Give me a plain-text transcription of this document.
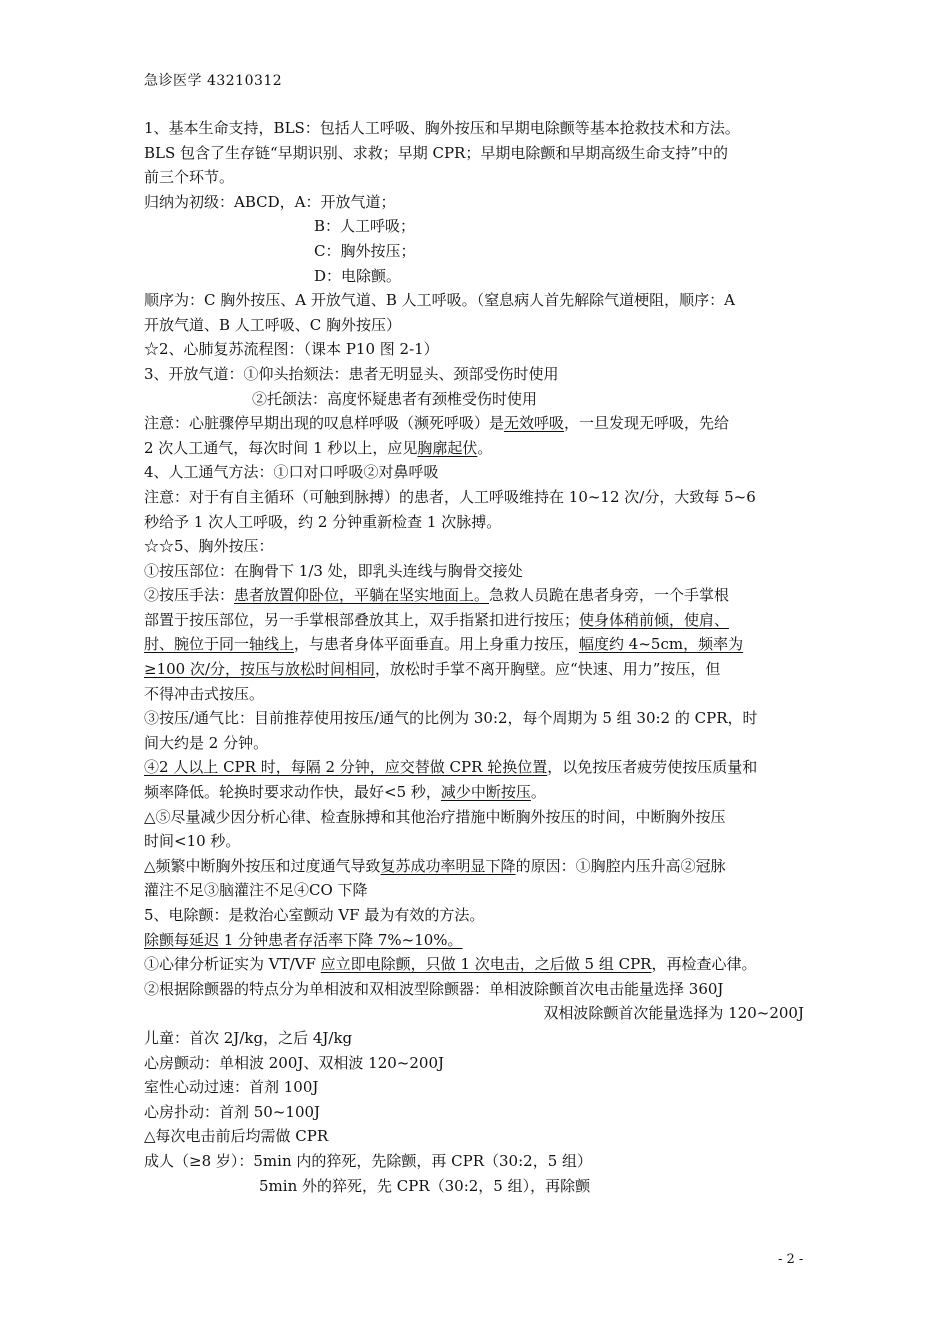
急诊医学 43210312
1、基本生命支持，BLS：包括人工呼吸、胸外按压和早期电除颤等基本抢救技术和方法。
BLS 包含了生存链“早期识别、求救；早期 CPR；早期电除颤和早期高级生命支持”中的
前三个环节。
归纳为初级：ABCD，A：开放气道；
B：人工呼吸；
C：胸外按压；
D：电除颤。
顺序为：C 胸外按压、A 开放气道、B 人工呼吸。（窒息病人首先解除气道梗阻，顺序：A
开放气道、B 人工呼吸、C 胸外按压）
☆2、心肺复苏流程图：（课本 P10 图 2-1）
3、开放气道：①仰头抬颏法：患者无明显头、颈部受伤时使用
②托颌法：高度怀疑患者有颈椎受伤时使用
注意：心脏骤停早期出现的叹息样呼吸（濒死呼吸）是无效呼吸，一旦发现无呼吸，先给
2 次人工通气，每次时间 1 秒以上，应见胸廓起伏。
4、人工通气方法：①口对口呼吸②对鼻呼吸
注意：对于有自主循环（可触到脉搏）的患者，人工呼吸维持在 10~12 次/分，大致每 5~6
秒给予 1 次人工呼吸，约 2 分钟重新检查 1 次脉搏。
☆☆5、胸外按压：
①按压部位：在胸骨下 1/3 处，即乳头连线与胸骨交接处
②按压手法：患者放置仰卧位，平躺在坚实地面上。急救人员跪在患者身旁，一个手掌根
部置于按压部位，另一手掌根部叠放其上，双手指紧扣进行按压；使身体稍前倾，使肩、
肘、腕位于同一轴线上，与患者身体平面垂直。用上身重力按压，幅度约 4~5cm，频率为
≥100 次/分，按压与放松时间相同，放松时手掌不离开胸壁。应“快速、用力”按压，但
不得冲击式按压。
③按压/通气比：目前推荐使用按压/通气的比例为 30:2，每个周期为 5 组 30:2 的 CPR，时
间大约是 2 分钟。
④2 人以上 CPR 时，每隔 2 分钟，应交替做 CPR 轮换位置，以免按压者疲劳使按压质量和
频率降低。轮换时要求动作快，最好<5 秒，减少中断按压。
△⑤尽量减少因分析心律、检查脉搏和其他治疗措施中断胸外按压的时间，中断胸外按压
时间<10 秒。
△频繁中断胸外按压和过度通气导致复苏成功率明显下降的原因：①胸腔内压升高②冠脉
灌注不足③脑灌注不足④CO 下降
5、电除颤：是救治心室颤动 VF 最为有效的方法。
除颤每延迟 1 分钟患者存活率下降 7%~10%。
①心律分析证实为 VT/VF 应立即电除颤，只做 1 次电击，之后做 5 组 CPR，再检查心律。
②根据除颤器的特点分为单相波和双相波型除颤器：单相波除颤首次电击能量选择 360J
双相波除颤首次能量选择为 120~200J
儿童：首次 2J/kg，之后 4J/kg
心房颤动：单相波 200J、双相波 120~200J
室性心动过速：首剂 100J
心房扑动：首剂 50~100J
△每次电击前后均需做 CPR
成人（≥8 岁）：5min 内的猝死，先除颤，再 CPR（30:2，5 组）
5min 外的猝死，先 CPR（30:2，5 组），再除颤
- 2 -
